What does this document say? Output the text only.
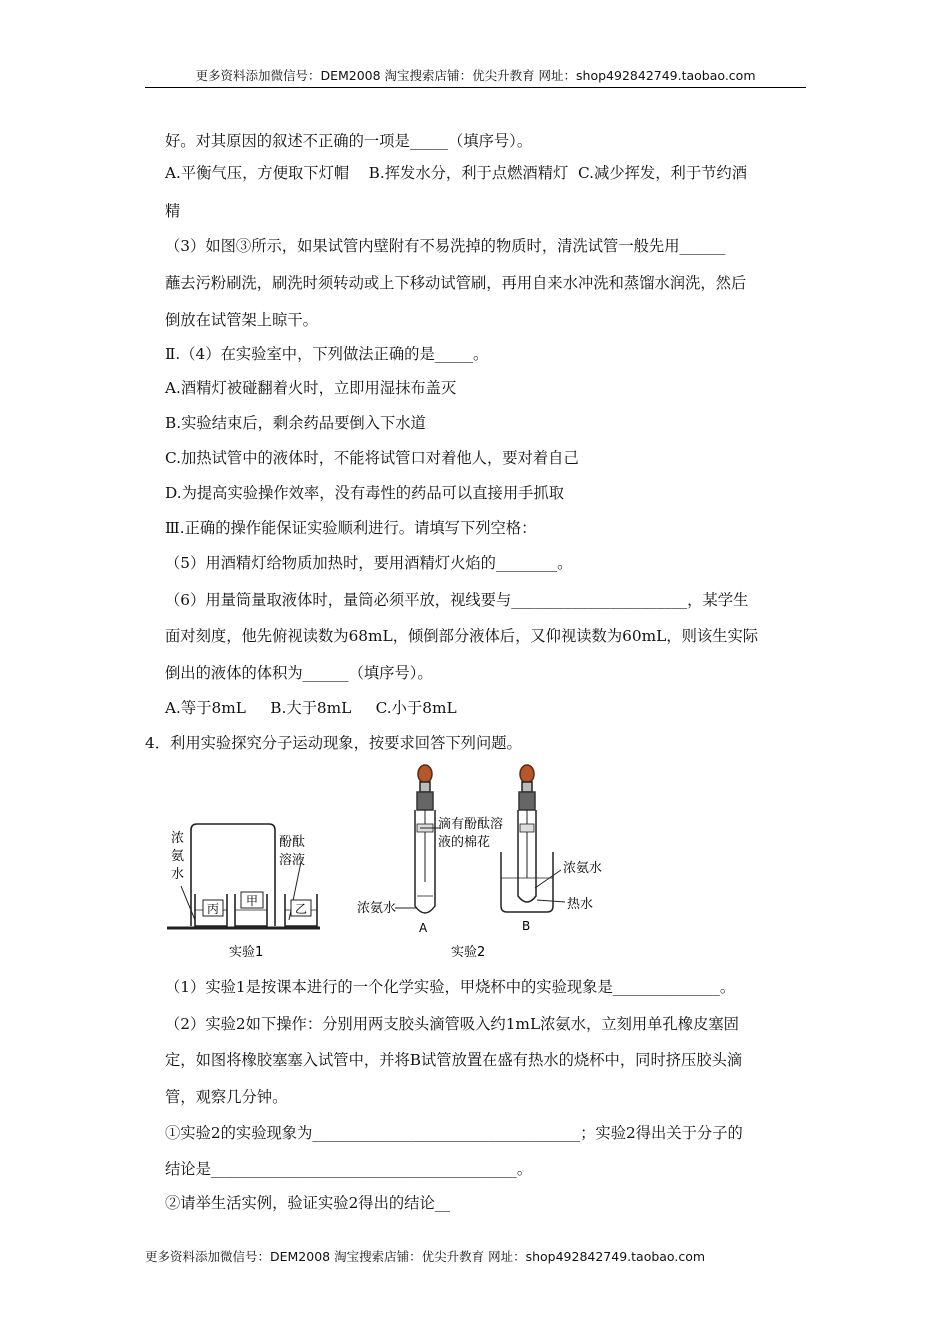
更多资料添加微信号：DEM2008 淘宝搜索店铺：优尖升教育 网址：shop492842749.taobao.com
好。对其原因的叙述不正确的一项是_____（填序号）。
A.平衡气压，方便取下灯帽    B.挥发水分，利于点燃酒精灯  C.减少挥发，利于节约酒
精
（3）如图③所示，如果试管内壁附有不易洗掉的物质时，清洗试管一般先用______
蘸去污粉刷洗，刷洗时须转动或上下移动试管刷，再用自来水冲洗和蒸馏水润洗，然后
倒放在试管架上晾干。
Ⅱ.（4）在实验室中，下列做法正确的是_____。
A.酒精灯被碰翻着火时，立即用湿抹布盖灭
B.实验结束后，剩余药品要倒入下水道
C.加热试管中的液体时，不能将试管口对着他人，要对着自己
D.为提高实验操作效率，没有毒性的药品可以直接用手抓取
Ⅲ.正确的操作能保证实验顺利进行。请填写下列空格：
（5）用酒精灯给物质加热时，要用酒精灯火焰的________。
（6）用量筒量取液体时，量筒必须平放，视线要与_______________________，某学生
面对刻度，他先俯视读数为68mL，倾倒部分液体后，又仰视读数为60mL，则该生实际
倒出的液体的体积为______（填序号）。
A.等于8mL     B.大于8mL     C.小于8mL
4．利用实验探究分子运动现象，按要求回答下列问题。
浓
氨
水
酚酞
溶液
丙
甲
乙
实验1
滴有酚酞溶
液的棉花
浓氨水
浓氨水
热水
A	B
实验2
（1）实验1是按课本进行的一个化学实验，甲烧杯中的实验现象是______________。
（2）实验2如下操作：分别用两支胶头滴管吸入约1mL浓氨水，立刻用单孔橡皮塞固
定，如图将橡胶塞塞入试管中，并将B试管放置在盛有热水的烧杯中，同时挤压胶头滴
管，观察几分钟。
①实验2的实验现象为___________________________________；实验2得出关于分子的
结论是________________________________________。
②请举生活实例，验证实验2得出的结论__
更多资料添加微信号：DEM2008 淘宝搜索店铺：优尖升教育 网址：shop492842749.taobao.com
